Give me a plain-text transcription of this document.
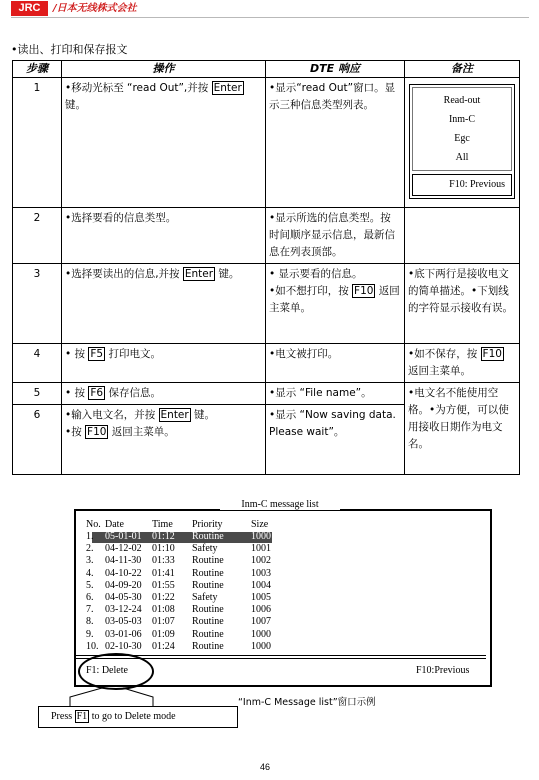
JRC	/日本无线株式会社
•读出、打印和保存报文
步骤	操作	DTE 响应	备注
1	•移动光标至 “read Out”,并按 Enter 键。	•显示“read Out”窗口。显示三种信息类型列表。	Read-out
Inm-C
Egc
All
F10: Previous

2	•选择要看的信息类型。	•显示所选的信息类型。按时间顺序显示信息，最新信息在列表顶部。	
3	•选择要读出的信息,并按 Enter 键。	• 显示要看的信息。
•如不想打印，按 F10 返回主菜单。	•底下两行是接收电文的简单描述。•下划线的字符显示接收有误。
4	• 按 F5 打印电文。	•电文被打印。	•如不保存，按 F10 返回主菜单。
5	• 按 F6 保存信息。	•显示 “File name”。	•电文名不能使用空格。•为方便，可以使用接收日期作为电文名。
6	•输入电文名，并按 Enter 键。
•按 F10 返回主菜单。	•显示 “Now saving data. Please wait”。	
Inm-C message list
No. Date	Time Priority	Size
1. 05-01-01 01:12 Routine	1000
2. 04-12-02 01:10 Safety	1001
3. 04-11-30 01:33 Routine	1002
4. 04-10-22 01:41 Routine	1003
5. 04-09-20 01:55 Routine	1004
6. 04-05-30 01:22 Safety	1005
7. 03-12-24 01:08 Routine	1006
8. 03-05-03 01:07 Routine	1007
9. 03-01-06 01:09 Routine	1000
10. 02-10-30 01:24 Routine	1000
F1: Delete	F10:Previous
“Inm-C Message list”窗口示例
Press F1 to go to Delete mode
46
